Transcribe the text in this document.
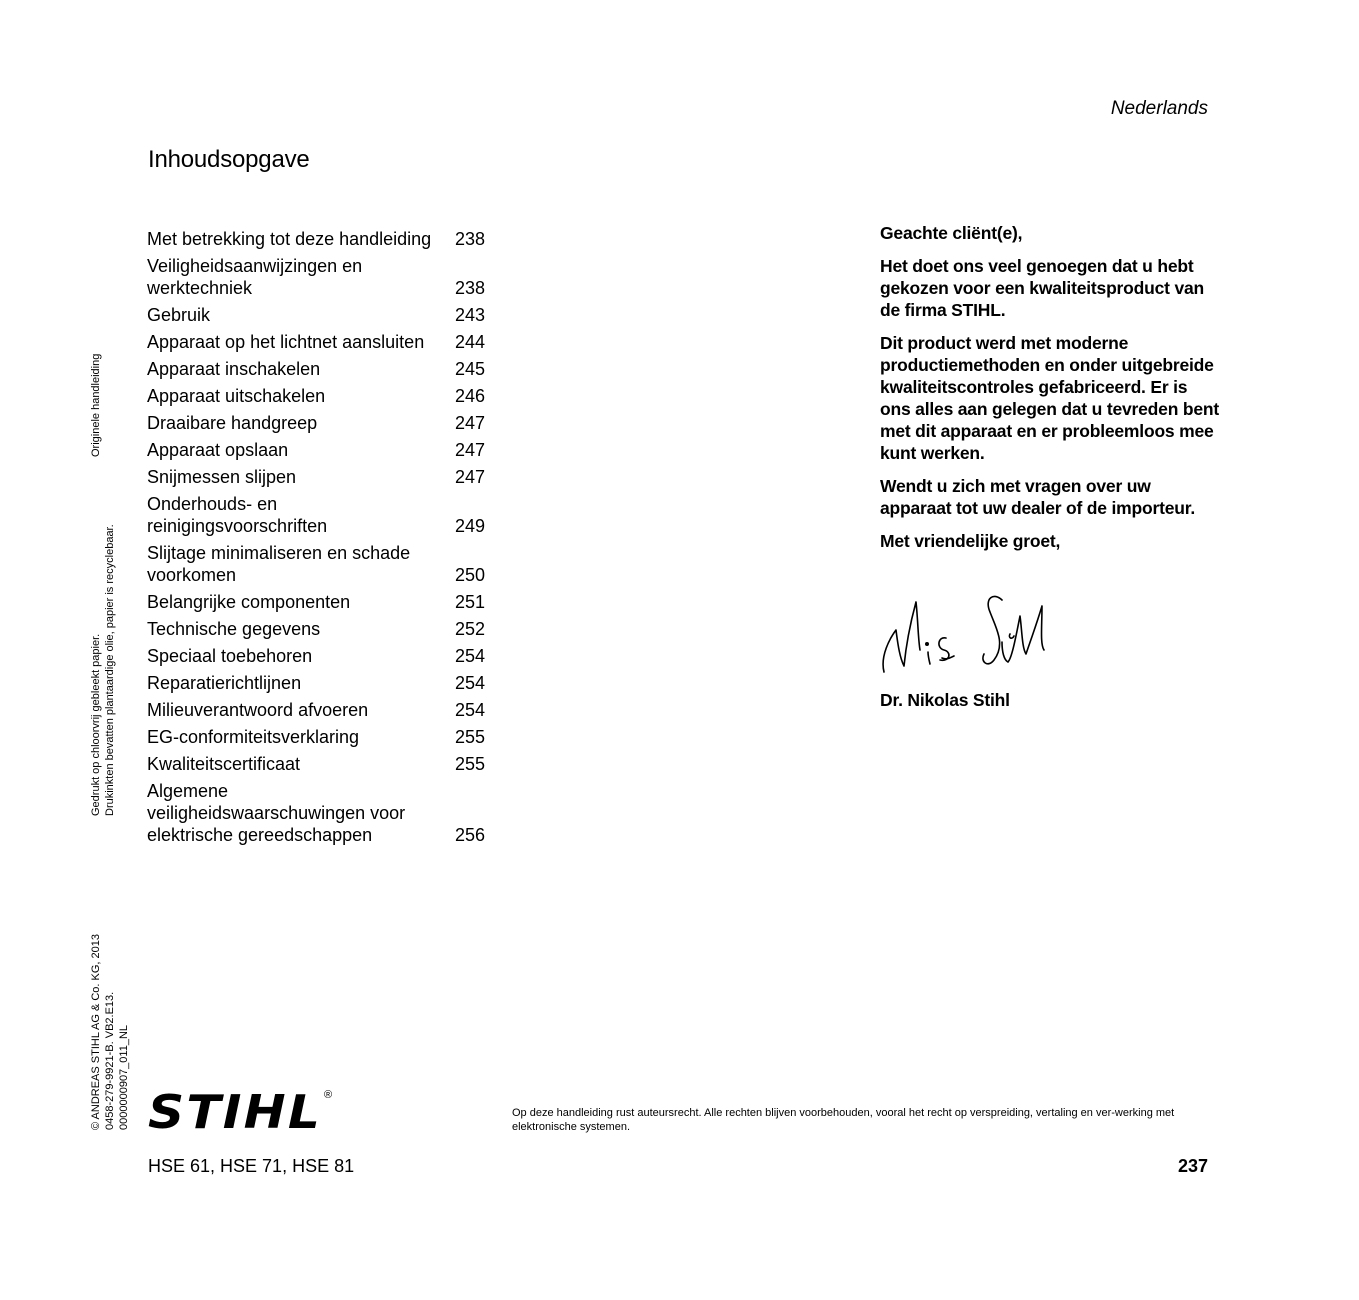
Nederlands
Inhoudsopgave
Met betrekking tot deze handleiding	238
Veiligheidsaanwijzingen en werktechniek	238
Gebruik	243
Apparaat op het lichtnet aansluiten	244
Apparaat inschakelen	245
Apparaat uitschakelen	246
Draaibare handgreep	247
Apparaat opslaan	247
Snijmessen slijpen	247
Onderhouds- en reinigingsvoorschriften	249
Slijtage minimaliseren en schade voorkomen	250
Belangrijke componenten	251
Technische gegevens	252
Speciaal toebehoren	254
Reparatierichtlijnen	254
Milieuverantwoord afvoeren	254
EG-conformiteitsverklaring	255
Kwaliteitscertificaat	255
Algemene veiligheidswaarschuwingen voor elektrische gereedschappen	256

Geachte cliënt(e),

Het doet ons veel genoegen dat u hebt gekozen voor een kwaliteitsproduct van de firma STIHL.

Dit product werd met moderne productiemethoden en onder uitgebreide kwaliteitscontroles gefabriceerd. Er is ons alles aan gelegen dat u tevreden bent met dit apparaat en er probleemloos mee kunt werken.

Wendt u zich met vragen over uw apparaat tot uw dealer of de importeur.

Met vriendelijke groet,

Dr. Nikolas Stihl
Originele handleiding
Gedrukt op chloorvrij gebleekt papier. Drukinkten bevatten plantaardige olie, papier is recyclebaar.
© ANDREAS STIHL AG & Co. KG, 2013 0458-279-9921-B. VB2.E13. 0000000907_011_NL STIHL ®
Op deze handleiding rust auteursrecht. Alle rechten blijven voorbehouden, vooral het recht op verspreiding, vertaling en ver-werking met elektronische systemen.
HSE 61, HSE 71, HSE 81	237
